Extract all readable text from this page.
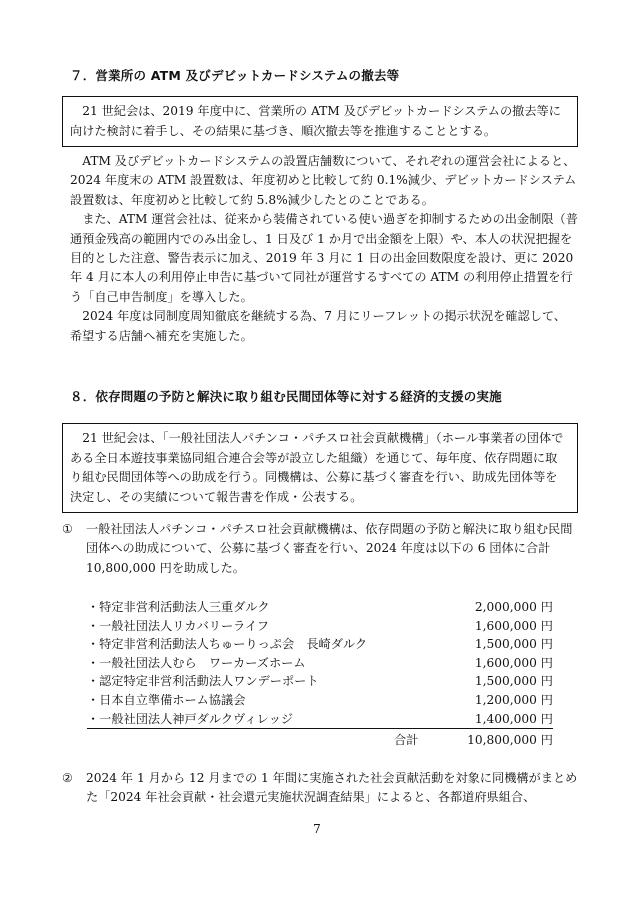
７．営業所の ATM 及びデビットカードシステムの撤去等
21 世紀会は、2019 年度中に、営業所の ATM 及びデビットカードシステムの撤去等に向けた検討に着手し、その結果に基づき、順次撤去等を推進することとする。

ATM 及びデビットカードシステムの設置店舗数について、それぞれの運営会社によると、2024 年度末の ATM 設置数は、年度初めと比較して約 0.1%減少、デビットカードシステム設置数は、年度初めと比較して約 5.8%減少したとのことである。

また、ATM 運営会社は、従来から装備されている使い過ぎを抑制するための出金制限（普通預金残高の範囲内でのみ出金し、1 日及び 1 か月で出金額を上限）や、本人の状況把握を目的とした注意、警告表示に加え、2019 年 3 月に 1 日の出金回数限度を設け、更に 2020 年 4 月に本人の利用停止申告に基づいて同社が運営するすべての ATM の利用停止措置を行う「自己申告制度」を導入した。

2024 年度は同制度周知徹底を継続する為、7 月にリーフレットの掲示状況を確認して、希望する店舗へ補充を実施した。

８．依存問題の予防と解決に取り組む民間団体等に対する経済的支援の実施
21 世紀会は、「一般社団法人パチンコ・パチスロ社会貢献機構」（ホール事業者の団体である全日本遊技事業協同組合連合会等が設立した組織）を通じて、毎年度、依存問題に取り組む民間団体等への助成を行う。同機構は、公募に基づく審査を行い、助成先団体等を決定し、その実績について報告書を作成・公表する。
① 一般社団法人パチンコ・パチスロ社会貢献機構は、依存問題の予防と解決に取り組む民間団体への助成について、公募に基づく審査を行い、2024 年度は以下の 6 団体に合計 10,800,000 円を助成した。
・特定非営利活動法人三重ダルク	2,000,000 円
・一般社団法人リカバリーライフ	1,600,000 円
・特定非営利活動法人ちゅーりっぷ会　長崎ダルク	1,500,000 円
・一般社団法人むら　ワーカーズホーム	1,600,000 円
・認定特定非営利活動法人ワンデーポート	1,500,000 円
・日本自立準備ホーム協議会	1,200,000 円
・一般社団法人神戸ダルクヴィレッジ	1,400,000 円
合計	10,800,000 円
② 2024 年 1 月から 12 月までの 1 年間に実施された社会貢献活動を対象に同機構がまとめた「2024 年社会貢献・社会還元実施状況調査結果」によると、各都道府県組合、
7
